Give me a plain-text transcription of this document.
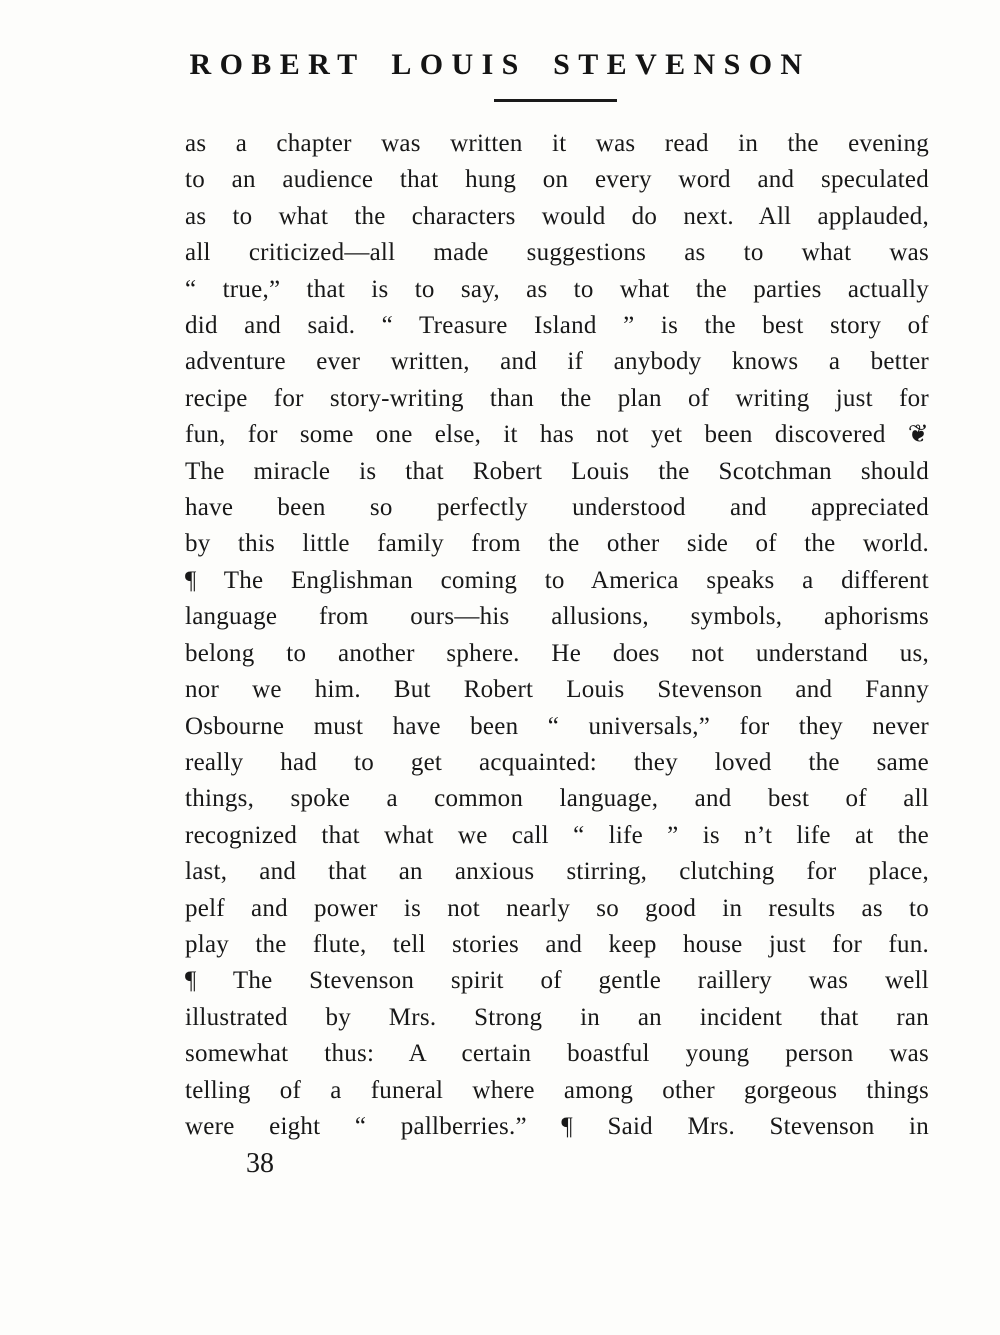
ROBERT LOUIS STEVENSON
as a chapter was written it was read in the evening
to an audience that hung on every word and speculated
as to what the characters would do next. All applauded,
all criticized—all made suggestions as to what was
“ true,” that is to say, as to what the parties actually
did and said. “ Treasure Island ” is the best story of
adventure ever written, and if anybody knows a better
recipe for story-writing than the plan of writing just for
fun, for some one else, it has not yet been discovered ❦
The miracle is that Robert Louis the Scotchman should
have been so perfectly understood and appreciated
by this little family from the other side of the world.
¶ The Englishman coming to America speaks a different
language from ours—his allusions, symbols, aphorisms
belong to another sphere. He does not understand us,
nor we him. But Robert Louis Stevenson and Fanny
Osbourne must have been “ universals,” for they never
really had to get acquainted: they loved the same
things, spoke a common language, and best of all
recognized that what we call “ life ” is n’t life at the
last, and that an anxious stirring, clutching for place,
pelf and power is not nearly so good in results as to
play the flute, tell stories and keep house just for fun.
¶ The Stevenson spirit of gentle raillery was well
illustrated by Mrs. Strong in an incident that ran
somewhat thus: A certain boastful young person was
telling of a funeral where among other gorgeous things
were eight “ pallberries.” ¶ Said Mrs. Stevenson in
38
